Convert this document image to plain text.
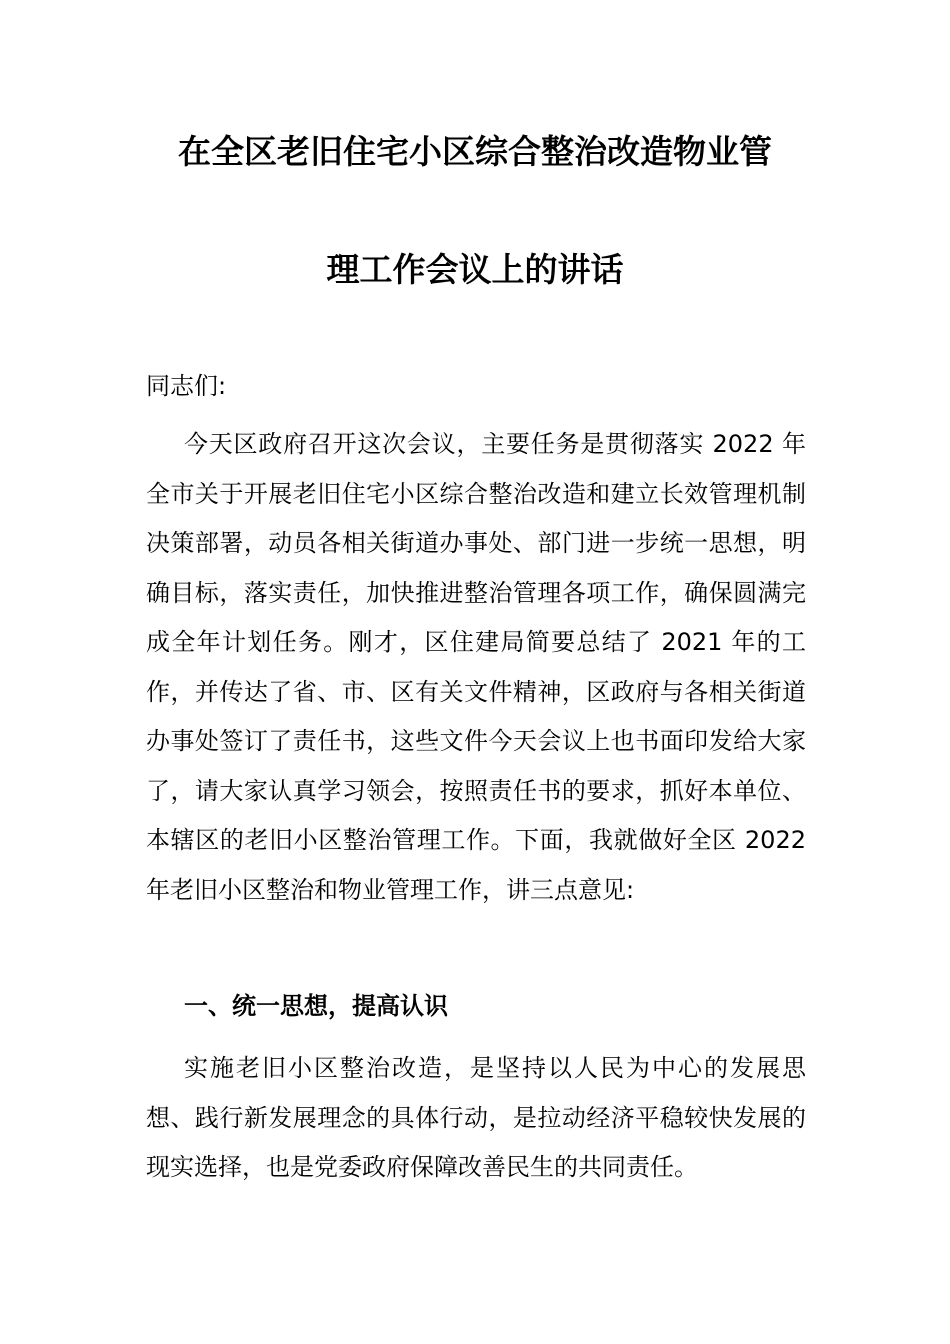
在全区老旧住宅小区综合整治改造物业管
理工作会议上的讲话
同志们:
今天区政府召开这次会议，主要任务是贯彻落实 2022 年全市关于开展老旧住宅小区综合整治改造和建立长效管理机制决策部署，动员各相关街道办事处、部门进一步统一思想，明确目标，落实责任，加快推进整治管理各项工作，确保圆满完成全年计划任务。刚才，区住建局简要总结了 2021 年的工作，并传达了省、市、区有关文件精神，区政府与各相关街道办事处签订了责任书，这些文件今天会议上也书面印发给大家了，请大家认真学习领会，按照责任书的要求，抓好本单位、本辖区的老旧小区整治管理工作。下面，我就做好全区 2022 年老旧小区整治和物业管理工作，讲三点意见:
一、统一思想，提高认识
实施老旧小区整治改造，是坚持以人民为中心的发展思想、践行新发展理念的具体行动，是拉动经济平稳较快发展的现实选择，也是党委政府保障改善民生的共同责任。
